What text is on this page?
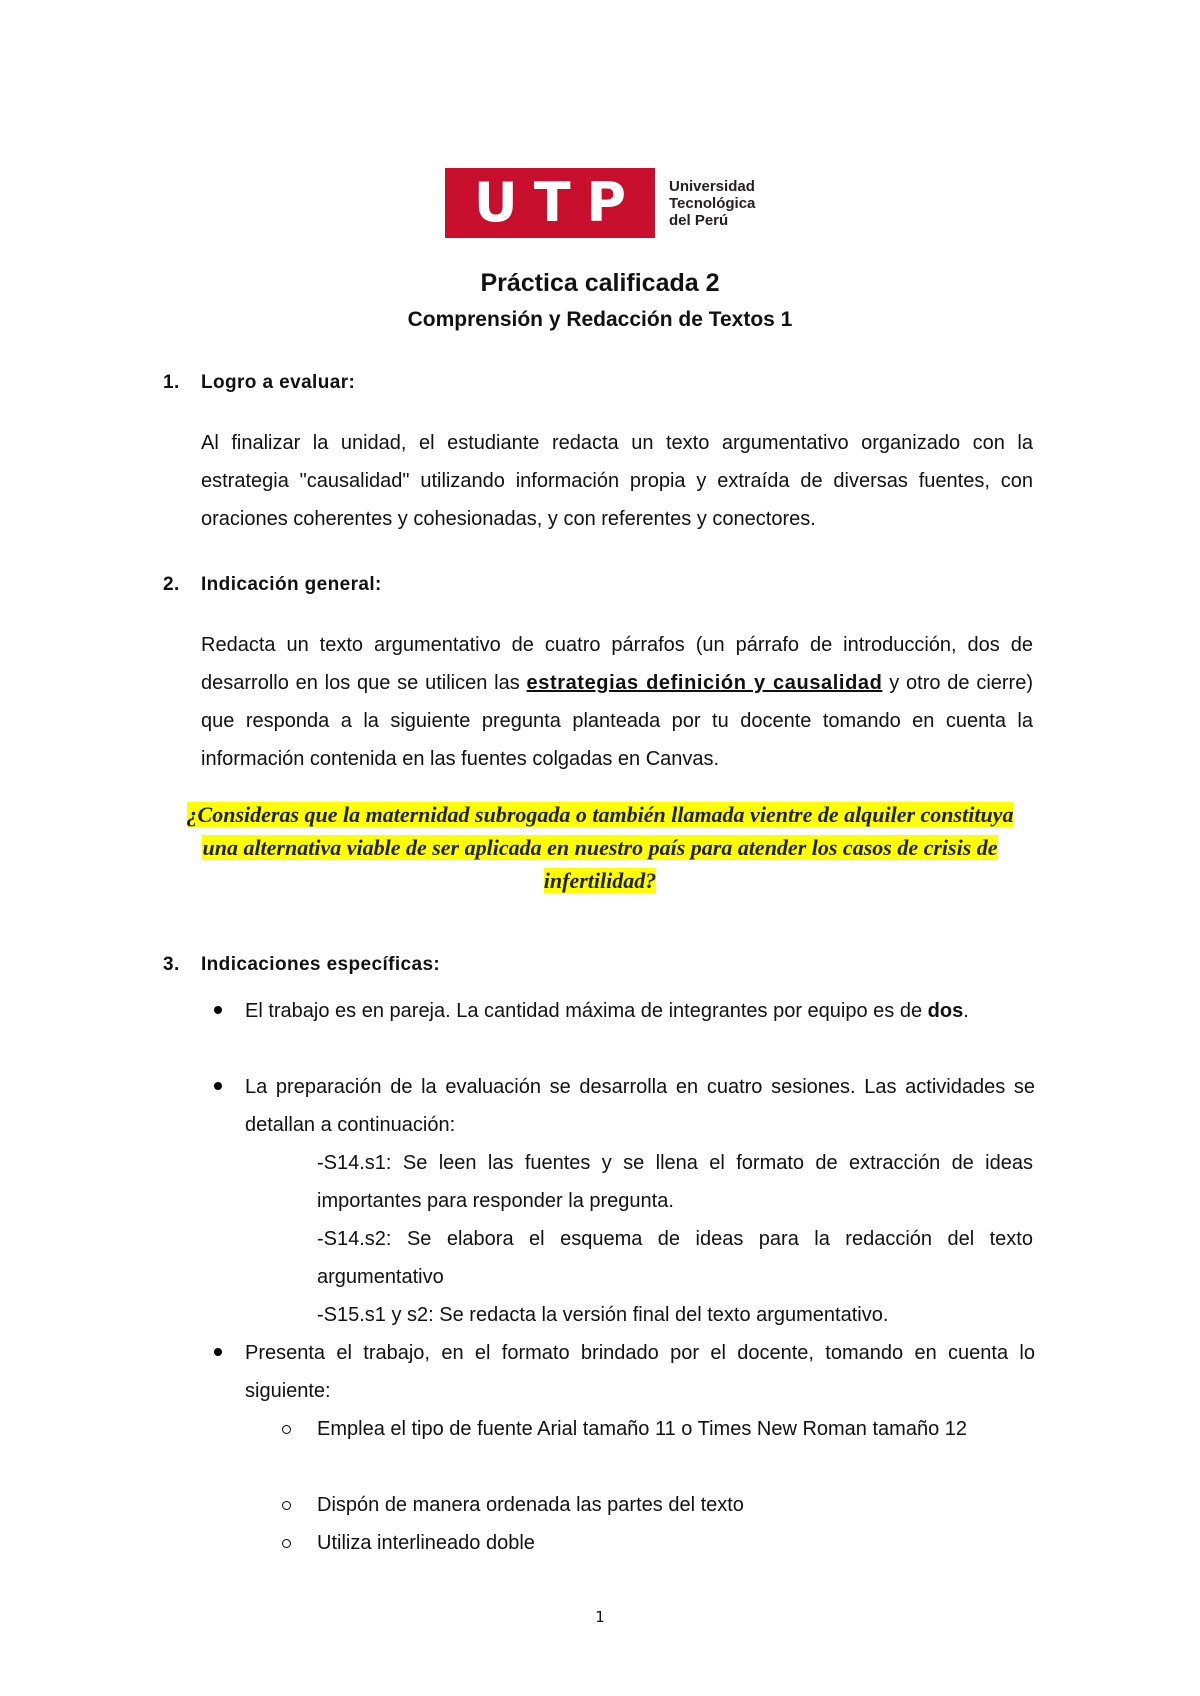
UTP Universidad
Tecnológica
del Perú
Práctica calificada 2
Comprensión y Redacción de Textos 1
1. Logro a evaluar:
Al finalizar la unidad, el estudiante redacta un texto argumentativo organizado con la estrategia "causalidad" utilizando información propia y extraída de diversas fuentes, con oraciones coherentes y cohesionadas, y con referentes y conectores.
2. Indicación general:
Redacta un texto argumentativo de cuatro párrafos (un párrafo de introducción, dos de desarrollo en los que se utilicen las estrategias definición y causalidad y otro de cierre) que responda a la siguiente pregunta planteada por tu docente tomando en cuenta la información contenida en las fuentes colgadas en Canvas.
¿Consideras que la maternidad subrogada o también llamada vientre de alquiler constituya una alternativa viable de ser aplicada en nuestro país para atender los casos de crisis de infertilidad?
3. Indicaciones específicas:
El trabajo es en pareja. La cantidad máxima de integrantes por equipo es de dos.
La preparación de la evaluación se desarrolla en cuatro sesiones. Las actividades se detallan a continuación:
-S14.s1: Se leen las fuentes y se llena el formato de extracción de ideas importantes para responder la pregunta.
-S14.s2: Se elabora el esquema de ideas para la redacción del texto argumentativo
-S15.s1 y s2: Se redacta la versión final del texto argumentativo.
Presenta el trabajo, en el formato brindado por el docente, tomando en cuenta lo siguiente:
Emplea el tipo de fuente Arial tamaño 11 o Times New Roman tamaño 12
Dispón de manera ordenada las partes del texto
Utiliza interlineado doble
1
